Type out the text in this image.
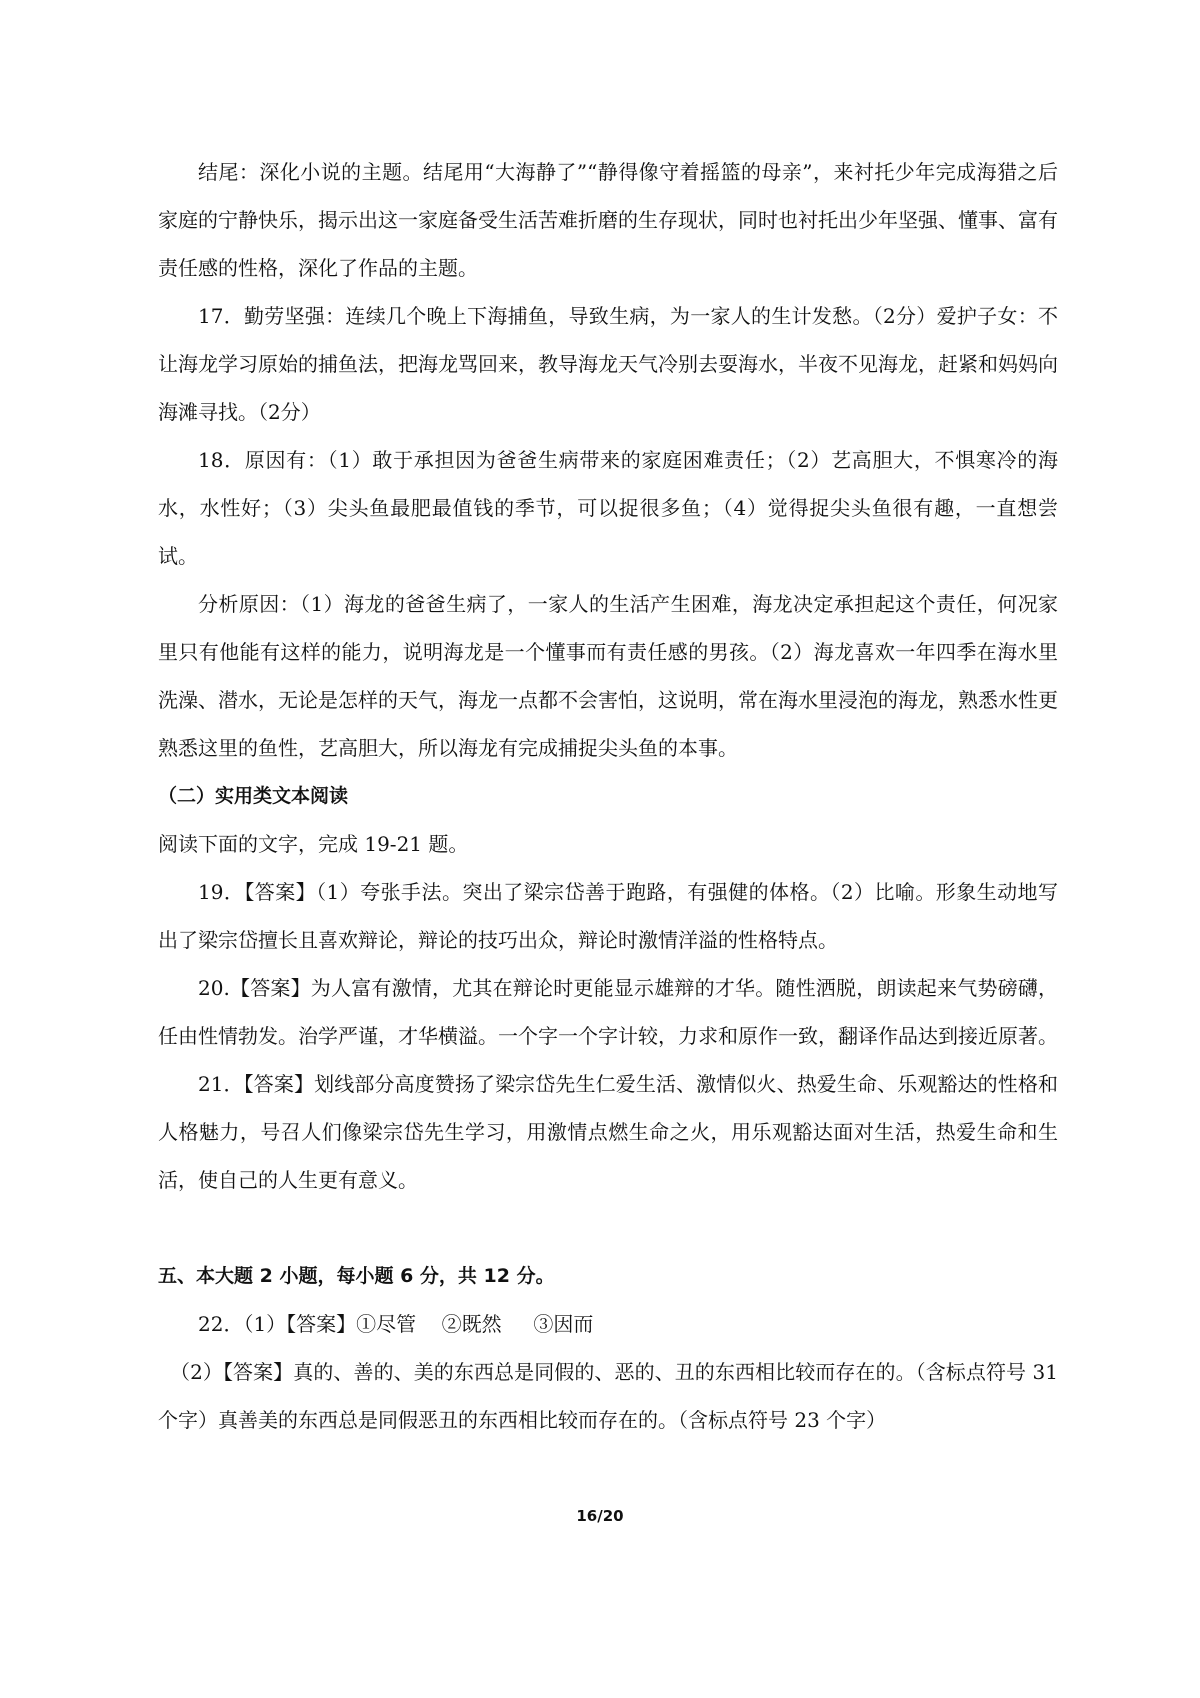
结尾：深化小说的主题。结尾用“大海静了”“静得像守着摇篮的母亲”，来衬托少年完成海猎之后家庭的宁静快乐，揭示出这一家庭备受生活苦难折磨的生存现状，同时也衬托出少年坚强、懂事、富有责任感的性格，深化了作品的主题。

17．勤劳坚强：连续几个晚上下海捕鱼，导致生病，为一家人的生计发愁。（2分）爱护子女：不让海龙学习原始的捕鱼法，把海龙骂回来，教导海龙天气冷别去耍海水，半夜不见海龙，赶紧和妈妈向海滩寻找。（2分）

18．原因有：（1）敢于承担因为爸爸生病带来的家庭困难责任；（2）艺高胆大，不惧寒冷的海水，水性好；（3）尖头鱼最肥最值钱的季节，可以捉很多鱼；（4）觉得捉尖头鱼很有趣，一直想尝试。

分析原因：（1）海龙的爸爸生病了，一家人的生活产生困难，海龙决定承担起这个责任，何况家里只有他能有这样的能力，说明海龙是一个懂事而有责任感的男孩。（2）海龙喜欢一年四季在海水里洗澡、潜水，无论是怎样的天气，海龙一点都不会害怕，这说明，常在海水里浸泡的海龙，熟悉水性更熟悉这里的鱼性，艺高胆大，所以海龙有完成捕捉尖头鱼的本事。

（二）实用类文本阅读

阅读下面的文字，完成 19-21 题。

19．【答案】（1）夸张手法。突出了梁宗岱善于跑路，有强健的体格。（2）比喻。形象生动地写出了梁宗岱擅长且喜欢辩论，辩论的技巧出众，辩论时激情洋溢的性格特点。

20.【答案】为人富有激情，尤其在辩论时更能显示雄辩的才华。随性洒脱，朗读起来气势磅礴，任由性情勃发。治学严谨，才华横溢。一个字一个字计较，力求和原作一致，翻译作品达到接近原著。

21．【答案】划线部分高度赞扬了梁宗岱先生仁爱生活、激情似火、热爱生命、乐观豁达的性格和人格魅力，号召人们像梁宗岱先生学习，用激情点燃生命之火，用乐观豁达面对生活，热爱生命和生活，使自己的人生更有意义。

五、本大题 2 小题，每小题 6 分，共 12 分。

22．（1）【答案】①尽管    ②既然     ③因而

（2）【答案】真的、善的、美的东西总是同假的、恶的、丑的东西相比较而存在的。（含标点符号 31 个字）真善美的东西总是同假恶丑的东西相比较而存在的。（含标点符号 23 个字）

16/20
